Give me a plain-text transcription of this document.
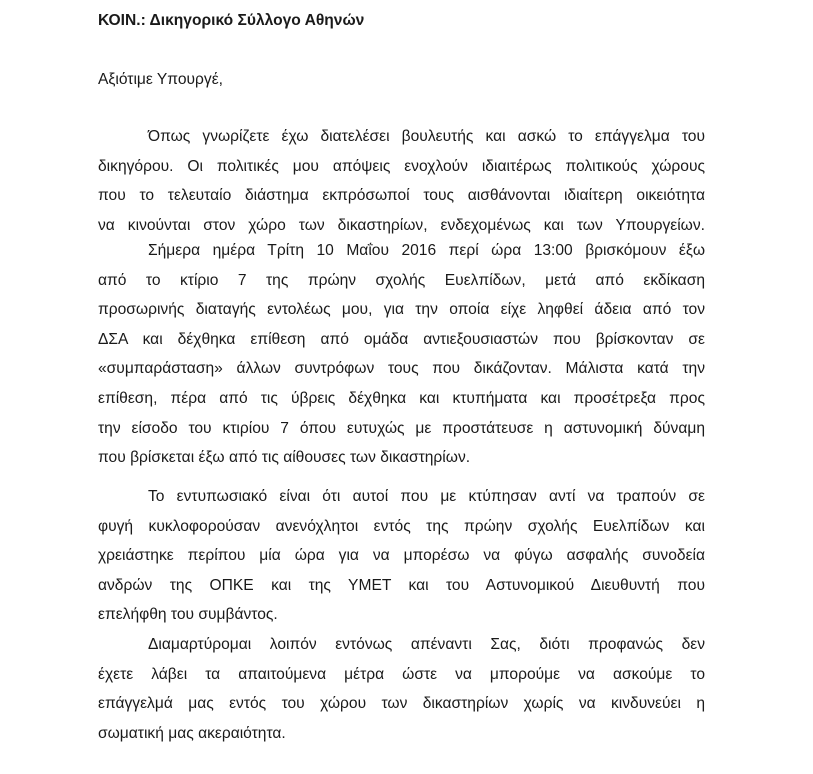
ΚΟΙΝ.: Δικηγορικό Σύλλογο Αθηνών
Αξιότιμε Υπουργέ,
Όπως γνωρίζετε έχω διατελέσει βουλευτής και ασκώ το επάγγελμα του
δικηγόρου. Οι πολιτικές μου απόψεις ενοχλούν ιδιαιτέρως πολιτικούς χώρους
που το τελευταίο διάστημα εκπρόσωποί τους αισθάνονται ιδιαίτερη οικειότητα
να κινούνται στον χώρο των δικαστηρίων, ενδεχομένως και των Υπουργείων.
Σήμερα ημέρα Τρίτη 10 Μαΐου 2016 περί ώρα 13:00 βρισκόμουν έξω
από το κτίριο 7 της πρώην σχολής Ευελπίδων, μετά από εκδίκαση
προσωρινής διαταγής εντολέως μου, για την οποία είχε ληφθεί άδεια από τον
ΔΣΑ και δέχθηκα επίθεση από ομάδα αντιεξουσιαστών που βρίσκονταν σε
«συμπαράσταση» άλλων συντρόφων τους που δικάζονταν. Μάλιστα κατά την
επίθεση, πέρα από τις ύβρεις δέχθηκα και κτυπήματα και προσέτρεξα προς
την είσοδο του κτιρίου 7 όπου ευτυχώς με προστάτευσε η αστυνομική δύναμη
που βρίσκεται έξω από τις αίθουσες των δικαστηρίων.
Το εντυπωσιακό είναι ότι αυτοί που με κτύπησαν αντί να τραπούν σε
φυγή κυκλοφορούσαν ανενόχλητοι εντός της πρώην σχολής Ευελπίδων και
χρειάστηκε περίπου μία ώρα για να μπορέσω να φύγω ασφαλής συνοδεία
ανδρών της ΟΠΚΕ και της ΥΜΕΤ και του Αστυνομικού Διευθυντή που
επελήφθη του συμβάντος.
Διαμαρτύρομαι λοιπόν εντόνως απέναντι Σας, διότι προφανώς δεν
έχετε λάβει τα απαιτούμενα μέτρα ώστε να μπορούμε να ασκούμε το
επάγγελμά μας εντός του χώρου των δικαστηρίων χωρίς να κινδυνεύει η
σωματική μας ακεραιότητα.
